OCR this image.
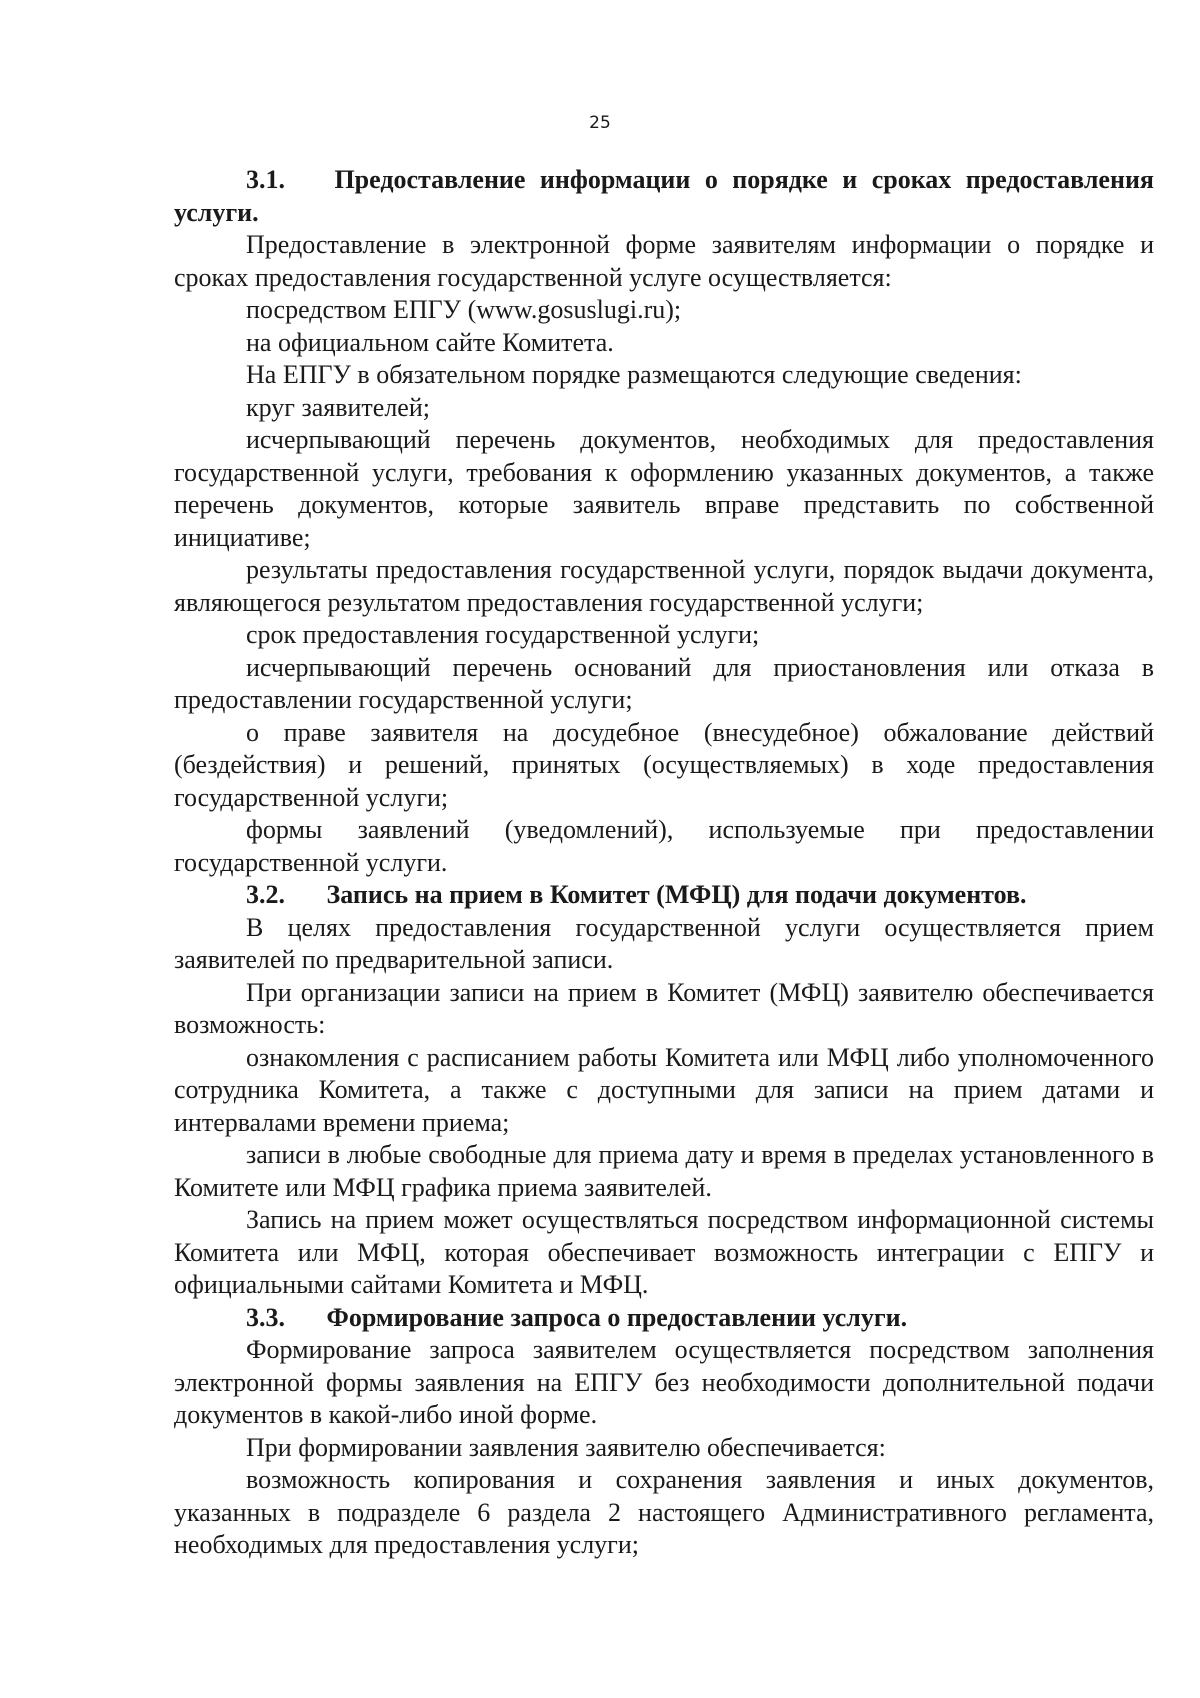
25

3.1. Предоставление информации о порядке и сроках предоставления услуги.

Предоставление в электронной форме заявителям информации о порядке и сроках предоставления государственной услуге осуществляется:

посредством ЕПГУ (www.gosuslugi.ru);

на официальном сайте Комитета.

На ЕПГУ в обязательном порядке размещаются следующие сведения:

круг заявителей;

исчерпывающий перечень документов, необходимых для предоставления государственной услуги, требования к оформлению указанных документов, а также перечень документов, которые заявитель вправе представить по собственной инициативе;

результаты предоставления государственной услуги, порядок выдачи документа, являющегося результатом предоставления государственной услуги;

срок предоставления государственной услуги;

исчерпывающий перечень оснований для приостановления или отказа в предоставлении государственной услуги;

о праве заявителя на досудебное (внесудебное) обжалование действий (бездействия) и решений, принятых (осуществляемых) в ходе предоставления государственной услуги;

формы заявлений (уведомлений), используемые при предоставлении государственной услуги.

3.2. Запись на прием в Комитет (МФЦ) для подачи документов.

В целях предоставления государственной услуги осуществляется прием заявителей по предварительной записи.

При организации записи на прием в Комитет (МФЦ) заявителю обеспечивается возможность:

ознакомления с расписанием работы Комитета или МФЦ либо уполномоченного сотрудника Комитета, а также с доступными для записи на прием датами и интервалами времени приема;

записи в любые свободные для приема дату и время в пределах установленного в Комитете или МФЦ графика приема заявителей.

Запись на прием может осуществляться посредством информационной системы Комитета или МФЦ, которая обеспечивает возможность интеграции с ЕПГУ и официальными сайтами Комитета и МФЦ.

3.3. Формирование запроса о предоставлении услуги.

Формирование запроса заявителем осуществляется посредством заполнения электронной формы заявления на ЕПГУ без необходимости дополнительной подачи документов в какой-либо иной форме.

При формировании заявления заявителю обеспечивается:

возможность копирования и сохранения заявления и иных документов, указанных в подразделе 6 раздела 2 настоящего Административного регламента, необходимых для предоставления услуги;
